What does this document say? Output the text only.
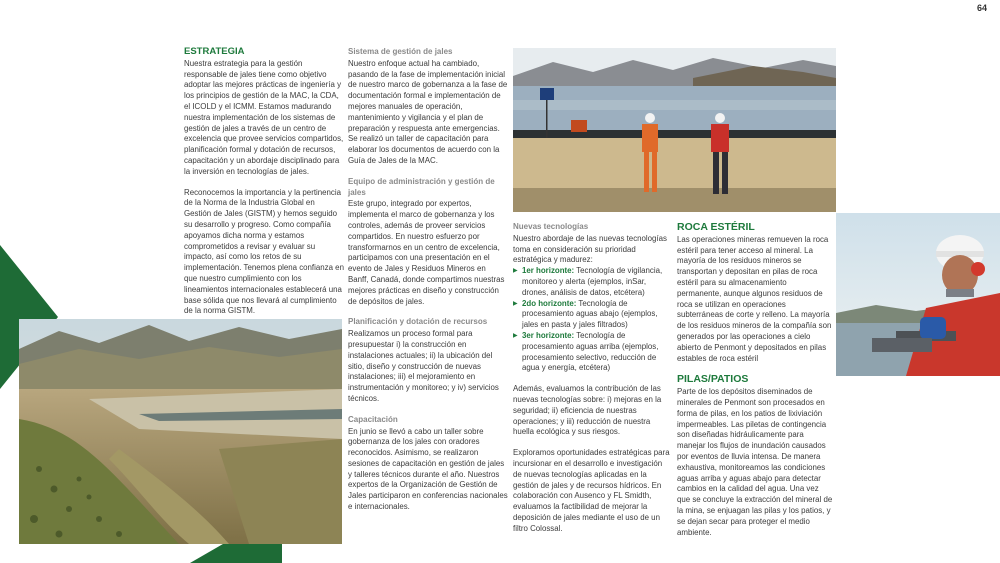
64
ESTRATEGIA

Nuestra estrategia para la gestión responsable de jales tiene como objetivo adoptar las mejores prácticas de ingeniería y los principios de gestión de la MAC, la CDA, el ICOLD y el ICMM. Estamos madurando nuestra implementación de los sistemas de gestión de jales a través de un centro de excelencia que provee servicios compartidos, planificación formal y dotación de recursos, capacitación y un abordaje disciplinado para la inversión en tecnologías de jales.

Reconocemos la importancia y la pertinencia de la Norma de la Industria Global en Gestión de Jales (GISTM) y hemos seguido su desarrollo y progreso. Como compañía apoyamos dicha norma y estamos comprometidos a revisar y evaluar su impacto, así como los retos de su implementación. Tenemos plena confianza en que nuestro cumplimiento con los lineamientos internacionales establecerá una base sólida que nos llevará al cumplimiento de la norma GISTM.

Sistema de gestión de jales

Nuestro enfoque actual ha cambiado, pasando de la fase de implementación inicial de nuestro marco de gobernanza a la fase de documentación formal e implementación de mejores manuales de operación, mantenimiento y vigilancia y el plan de preparación y respuesta ante emergencias. Se realizó un taller de capacitación para elaborar los documentos de acuerdo con la Guía de Jales de la MAC.

Equipo de administración y gestión de jales

Este grupo, integrado por expertos, implementa el marco de gobernanza y los controles, además de proveer servicios compartidos. En nuestro esfuerzo por transformarnos en un centro de excelencia, participamos con una presentación en el evento de Jales y Residuos Mineros en Banff, Canadá, donde compartimos nuestras mejores prácticas en diseño y construcción de depósitos de jales.

Planificación y dotación de recursos

Realizamos un proceso formal para presupuestar i) la construcción en instalaciones actuales; ii) la ubicación del sitio, diseño y construcción de nuevas instalaciones; iii) el mejoramiento en instrumentación y monitoreo; y iv) servicios técnicos.

Capacitación

En junio se llevó a cabo un taller sobre gobernanza de los jales con oradores reconocidos. Asimismo, se realizaron sesiones de capacitación en gestión de jales y talleres técnicos durante el año. Nuestros expertos de la Organización de Gestión de Jales participaron en conferencias nacionales e internacionales.

Nuevas tecnologías

Nuestro abordaje de las nuevas tecnologías toma en consideración su prioridad estratégica y madurez:

▶ 1er horizonte: Tecnología de vigilancia, monitoreo y alerta (ejemplos, inSar, drones, análisis de datos, etcétera)
▶ 2do horizonte: Tecnología de procesamiento aguas abajo (ejemplos, jales en pasta y jales filtrados)
▶ 3er horizonte: Tecnología de procesamiento aguas arriba (ejemplos, procesamiento selectivo, reducción de agua y energía, etcétera)

Además, evaluamos la contribución de las nuevas tecnologías sobre: i) mejoras en la seguridad; ii) eficiencia de nuestras operaciones; y iii) reducción de nuestra huella ecológica y sus riesgos.

Exploramos oportunidades estratégicas para incursionar en el desarrollo e investigación de nuevas tecnologías aplicadas en la gestión de jales y de recursos hídricos. En colaboración con Ausenco y FL Smidth, evaluamos la factibilidad de mejorar la deposición de jales mediante el uso de un filtro Colossal.

ROCA ESTÉRIL

Las operaciones mineras remueven la roca estéril para tener acceso al mineral. La mayoría de los residuos mineros se transportan y depositan en pilas de roca estéril para su almacenamiento permanente, aunque algunos residuos de roca se utilizan en operaciones subterráneas de corte y relleno. La mayoría de los residuos mineros de la compañía son generados por las operaciones a cielo abierto de Penmont y depositados en pilas estables de roca estéril

PILAS/PATIOS

Parte de los depósitos diseminados de minerales de Penmont son procesados en forma de pilas, en los patios de lixiviación impermeables. Las piletas de contingencia son diseñadas hidráulicamente para manejar los flujos de inundación causados por eventos de lluvia intensa. De manera exhaustiva, monitoreamos las condiciones aguas arriba y aguas abajo para detectar cambios en la calidad del agua. Una vez que se concluye la extracción del mineral de la mina, se enjuagan las pilas y los patios, y se dejan secar para proteger el medio ambiente.
